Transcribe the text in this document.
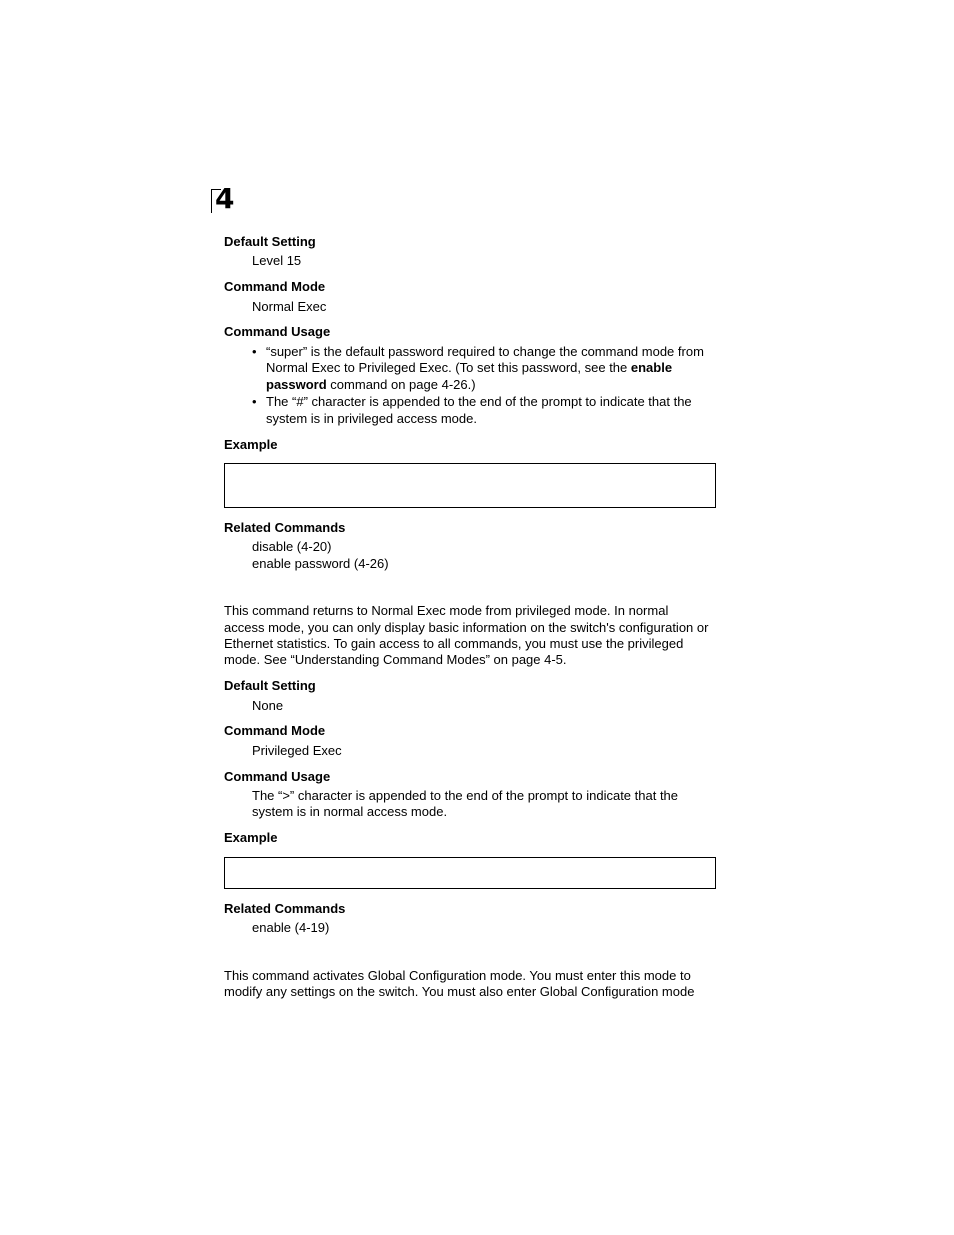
4
Default Setting
Level 15
Command Mode
Normal Exec
Command Usage
• “super” is the default password required to change the command mode from
Normal Exec to Privileged Exec. (To set this password, see the enable
password command on page 4-26.)
• The “#” character is appended to the end of the prompt to indicate that the
system is in privileged access mode.
Example
Related Commands
disable (4-20)
enable password (4-26)
This command returns to Normal Exec mode from privileged mode. In normal
access mode, you can only display basic information on the switch's configuration or
Ethernet statistics. To gain access to all commands, you must use the privileged
mode. See “Understanding Command Modes” on page 4-5.
Default Setting
None
Command Mode
Privileged Exec
Command Usage
The “>” character is appended to the end of the prompt to indicate that the
system is in normal access mode.
Example
Related Commands
enable (4-19)
This command activates Global Configuration mode. You must enter this mode to
modify any settings on the switch. You must also enter Global Configuration mode
